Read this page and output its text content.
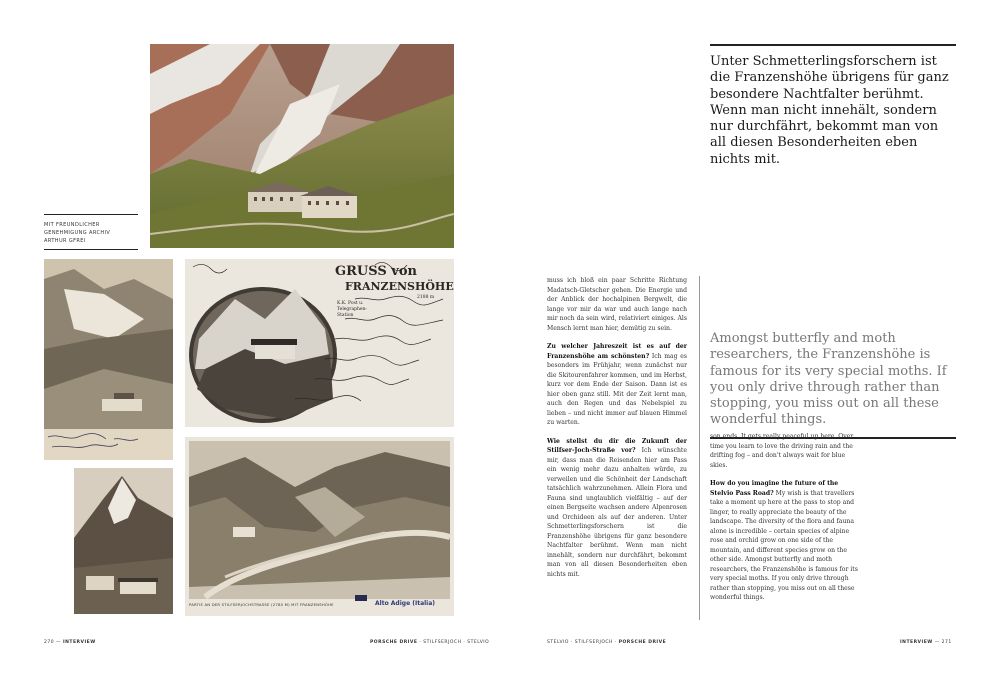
MIT FREUNDLICHER
GENEHMIGUNG ARCHIV
ARTHUR GFREI
GRUSS von
FRANZENSHÖHE
2188 m
K.K. Post u.
Telegraphen-
Station
PARTIE AN DER STILFSERJOCHSTRASSE (2780 M) MIT FRANZENSHÖHE	Alto Adige (Italia)
Unter Schmetterlingsforschern ist die Franzenshöhe übrigens für ganz besondere Nachtfalter berühmt. Wenn man nicht innehält, sondern nur durchfährt, bekommt man von all diesen Besonderheiten eben nichts mit.

muss ich bloß ein paar Schritte Richtung Madatsch-Gletscher gehen. Die Energie und der Anblick der hochalpinen Bergwelt, die lange vor mir da war und auch lange nach mir noch da sein wird, relativiert einiges. Als Mensch lernt man hier, demütig zu sein.

Zu welcher Jahreszeit ist es auf der Franzenshöhe am schönsten? Ich mag es besonders im Frühjahr, wenn zunächst nur die Skitourenfahrer kommen, und im Herbst, kurz vor dem Ende der Saison. Dann ist es hier oben ganz still. Mit der Zeit lernt man, auch den Regen und das Nebelspiel zu lieben – und nicht immer auf blauen Himmel zu warten.

Wie stellst du dir die Zukunft der Stilfser-Joch-Straße vor? Ich wünschte mir, dass man die Reisenden hier am Pass ein wenig mehr dazu anhalten würde, zu verweilen und die Schönheit der Landschaft tatsächlich wahrzunehmen. Allein Flora und Fauna sind unglaublich vielfältig – auf der einen Bergseite wachsen andere Alpenrosen und Orchideen als auf der anderen. Unter Schmetterlingsforschern ist die Franzenshöhe übrigens für ganz besondere Nachtfalter berühmt. Wenn man nicht innehält, sondern nur durchfährt, bekommt man von all diesen Besonderheiten eben nichts mit.

Amongst butterfly and moth researchers, the Franzenshöhe is famous for its very special moths. If you only drive through rather than stopping, you miss out on all these wonderful things.

son ends. It gets really peaceful up here. Over time you learn to love the driving rain and the drifting fog – and don't always wait for blue skies.

How do you imagine the future of the Stelvio Pass Road? My wish is that travellers take a moment up here at the pass to stop and linger, to really appreciate the beauty of the landscape. The diversity of the flora and fauna alone is incredible – certain species of alpine rose and orchid grow on one side of the mountain, and different species grow on the other side. Amongst butterfly and moth researchers, the Franzenshöhe is famous for its very special moths. If you only drive through rather than stopping, you miss out on all these wonderful things.

270 — INTERVIEW	PORSCHE DRIVE · STILFSERJOCH · STELVIO	STELVIO · STILFSERJOCH · PORSCHE DRIVE	INTERVIEW — 271
